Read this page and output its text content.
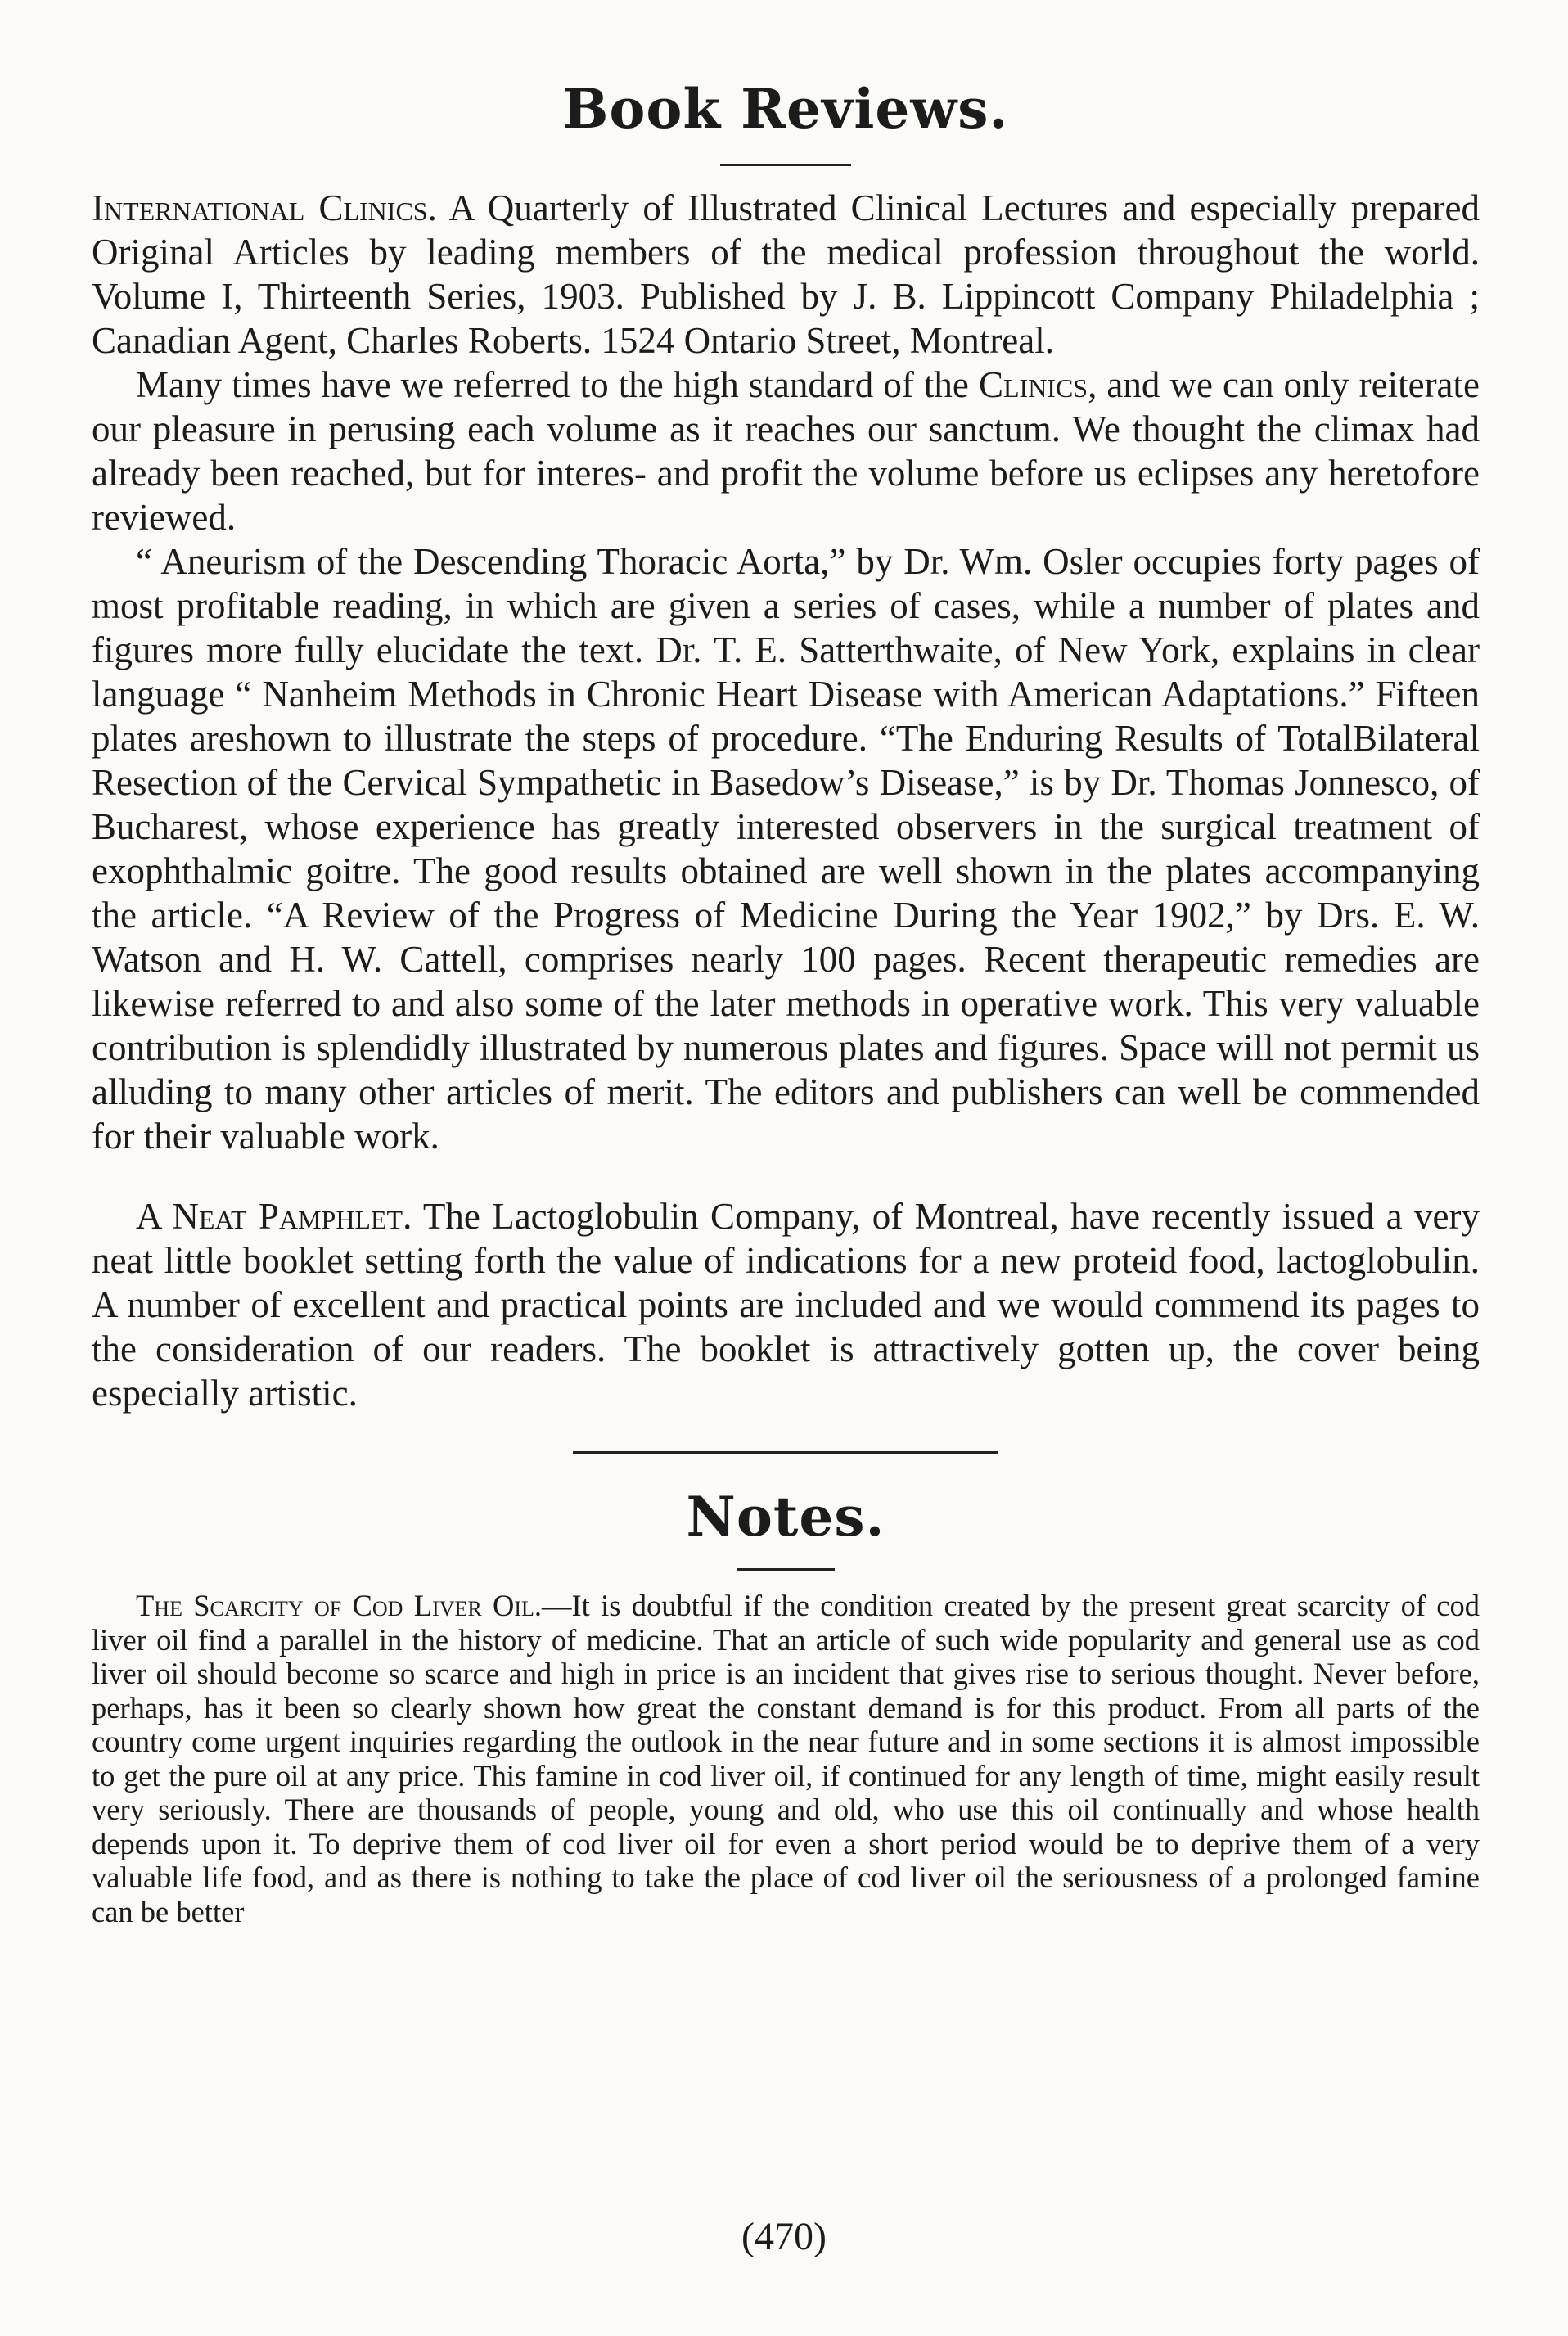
Book Reviews.

International Clinics. A Quarterly of Illustrated Clinical Lectures and especially prepared Original Articles by leading members of the medical profession throughout the world. Volume I, Thirteenth Series, 1903. Published by J. B. Lippincott Company Philadelphia ; Canadian Agent, Charles Roberts. 1524 Ontario Street, Montreal.

Many times have we referred to the high standard of the Clinics, and we can only reiterate our pleasure in perusing each volume as it reaches our sanctum. We thought the climax had already been reached, but for interes- and profit the volume before us eclipses any heretofore reviewed.

“ Aneurism of the Descending Thoracic Aorta,” by Dr. Wm. Osler occupies forty pages of most profitable reading, in which are given a series of cases, while a number of plates and figures more fully elucidate the text. Dr. T. E. Satterthwaite, of New York, explains in clear language “ Nanheim Methods in Chronic Heart Disease with American Adaptations.” Fifteen plates areshown to illustrate the steps of procedure. “The Enduring Results of TotalBilateral Resection of the Cervical Sympathetic in Basedow’s Disease,” is by Dr. Thomas Jonnesco, of Bucharest, whose experience has greatly interested observers in the surgical treatment of exophthalmic goitre. The good results obtained are well shown in the plates accompanying the article. “A Review of the Progress of Medicine During the Year 1902,” by Drs. E. W. Watson and H. W. Cattell, comprises nearly 100 pages. Recent therapeutic remedies are likewise referred to and also some of the later methods in operative work. This very valuable contribution is splendidly illustrated by numerous plates and figures. Space will not permit us alluding to many other articles of merit. The editors and publishers can well be commended for their valuable work.

A Neat Pamphlet. The Lactoglobulin Company, of Montreal, have recently issued a very neat little booklet setting forth the value of indications for a new proteid food, lactoglobulin. A number of excellent and practical points are included and we would commend its pages to the consideration of our readers. The booklet is attractively gotten up, the cover being especially artistic.

Notes.

The Scarcity of Cod Liver Oil.—It is doubtful if the condition created by the present great scarcity of cod liver oil find a parallel in the history of medicine. That an article of such wide popularity and general use as cod liver oil should become so scarce and high in price is an incident that gives rise to serious thought. Never before, perhaps, has it been so clearly shown how great the constant demand is for this product. From all parts of the country come urgent inquiries regarding the outlook in the near future and in some sections it is almost impossible to get the pure oil at any price. This famine in cod liver oil, if continued for any length of time, might easily result very seriously. There are thousands of people, young and old, who use this oil continually and whose health depends upon it. To deprive them of cod liver oil for even a short period would be to deprive them of a very valuable life food, and as there is nothing to take the place of cod liver oil the seriousness of a prolonged famine can be better

(470)
